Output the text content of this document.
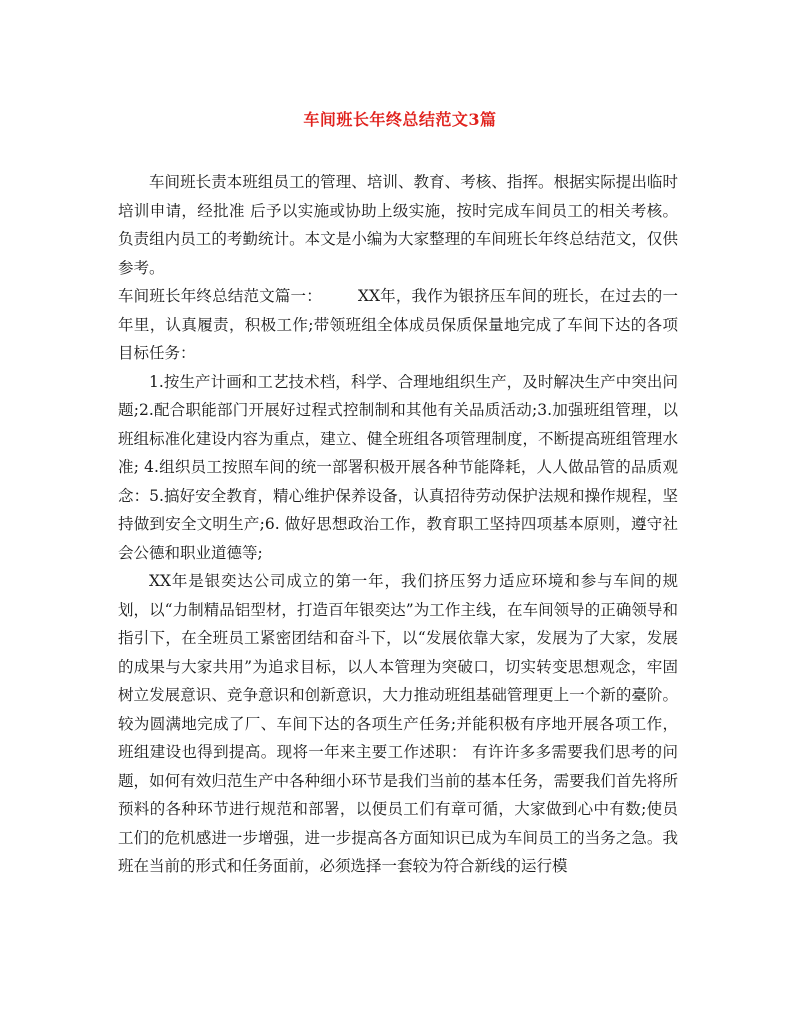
车间班长年终总结范文3篇

车间班长责本班组员工的管理、培训、教育、考核、指挥。根据实际提出临时培训申请，经批准 后予以实施或协助上级实施，按时完成车间员工的相关考核。负责组内员工的考勤统计。本文是小编为大家整理的车间班长年终总结范文，仅供参考。

车间班长年终总结范文篇一： XX年，我作为银挤压车间的班长，在过去的一年里，认真履责，积极工作;带领班组全体成员保质保量地完成了车间下达的各项目标任务：

1.按生产计画和工艺技术档，科学、合理地组织生产，及时解决生产中突出问题;2.配合职能部门开展好过程式控制制和其他有关品质活动;3.加强班组管理，以班组标准化建设内容为重点，建立、健全班组各项管理制度，不断提高班组管理水准; 4.组织员工按照车间的统一部署积极开展各种节能降耗，人人做品管的品质观念：5.搞好安全教育，精心维护保养设备，认真招待劳动保护法规和操作规程，坚持做到安全文明生产;6. 做好思想政治工作，教育职工坚持四项基本原则，遵守社会公德和职业道德等;

XX年是银奕达公司成立的第一年，我们挤压努力适应环境和参与车间的规划，以“力制精品铝型材，打造百年银奕达”为工作主线，在车间领导的正确领导和指引下，在全班员工紧密团结和奋斗下，以“发展依靠大家，发展为了大家，发展的成果与大家共用”为追求目标，以人本管理为突破口，切实转变思想观念，牢固树立发展意识、竞争意识和创新意识，大力推动班组基础管理更上一个新的臺阶。较为圆满地完成了厂、车间下达的各项生产任务;并能积极有序地开展各项工作，班组建设也得到提高。现将一年来主要工作述职： 有许许多多需要我们思考的问题，如何有效归范生产中各种细小环节是我们当前的基本任务，需要我们首先将所预料的各种环节进行规范和部署，以便员工们有章可循，大家做到心中有数;使员工们的危机感进一步增强，进一步提高各方面知识已成为车间员工的当务之急。我班在当前的形式和任务面前，必须选择一套较为符合新线的运行模
